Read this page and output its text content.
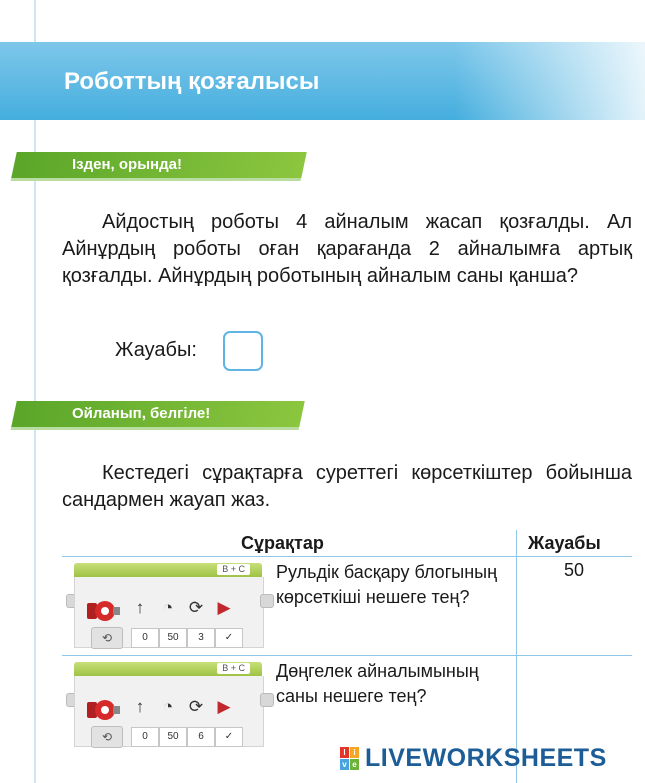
Роботтың қозғалысы
Ізден, орында!
Айдостың роботы 4 айналым жасап қозғалды. Ал Айнұрдың роботы оған қарағанда 2 айналымға артық қозғалды. Айнұрдың роботының айналым саны қанша?
Жауабы:
Ойланып, белгіле!
Кестедегі сұрақтарға суреттегі көрсеткіштер бойынша сандармен жауап жаз.
Сұрақтар	Жауабы
B + C
↑ ◔ ⟳ ▶︎
⟲	0	50	3	✓
Рульдік басқару блогының көрсеткіші нешеге тең?
50
B + C
↑ ◔ ⟳ ▶︎
⟲	0	50	6	✓
Дөңгелек айналымының саны нешеге тең?
l i
v e LIVEWORKSHEETS
